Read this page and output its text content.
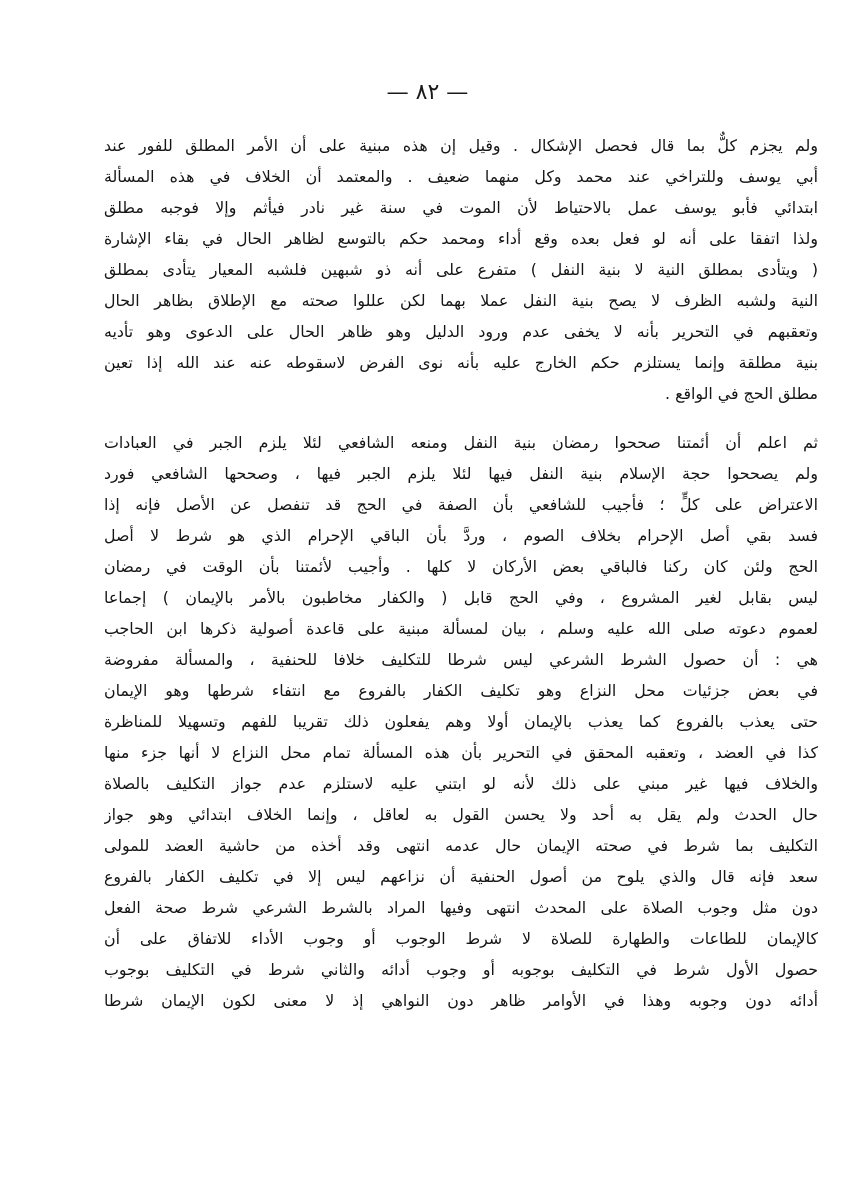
— ٨٢ —

ولم يجزم كلٌّ بما قال فحصل الإشكال . وقيل إن هذه مبنية على أن الأمر المطلق للفور عند
أبي يوسف وللتراخي عند محمد وكل منهما ضعيف . والمعتمد أن الخلاف في هذه المسألة
ابتدائي فأبو يوسف عمل بالاحتياط لأن الموت في سنة غير نادر فيأثم وإلا فوجبه مطلق
ولذا اتفقا على أنه لو فعل بعده وقع أداء ومحمد حكم بالتوسع لظاهر الحال في بقاء الإشارة
( ويتأدى بمطلق النية لا بنية النفل ) متفرع على أنه ذو شبهين فلشبه المعيار يتأدى بمطلق
النية ولشبه الظرف لا يصح بنية النفل عملا بهما لكن عللوا صحته مع الإطلاق بظاهر الحال
وتعقبهم في التحرير بأنه لا يخفى عدم ورود الدليل وهو ظاهر الحال على الدعوى وهو تأديه
بنية مطلقة وإنما يستلزم حكم الخارج عليه بأنه نوى الفرض لاسقوطه عنه عند الله إذا تعين
مطلق الحج في الواقع .

ثم اعلم أن أئمتنا صححوا رمضان بنية النفل ومنعه الشافعي لئلا يلزم الجبر في العبادات
ولم يصححوا حجة الإسلام بنية النفل فيها لئلا يلزم الجبر فيها ، وصححها الشافعي فورد
الاعتراض على كلٍّ ؛ فأجيب للشافعي بأن الصفة في الحج قد تنفصل عن الأصل فإنه إذا
فسد بقي أصل الإحرام بخلاف الصوم ، وردَّ بأن الباقي الإحرام الذي هو شرط لا أصل
الحج ولئن كان ركنا فالباقي بعض الأركان لا كلها . وأجيب لأئمتنا بأن الوقت في رمضان
ليس بقابل لغير المشروع ، وفي الحج قابل ( والكفار مخاطبون بالأمر بالإيمان ) إجماعا
لعموم دعوته صلى الله عليه وسلم ، بيان لمسألة مبنية على قاعدة أصولية ذكرها ابن الحاجب
هي : أن حصول الشرط الشرعي ليس شرطا للتكليف خلافا للحنفية ، والمسألة مفروضة
في بعض جزئيات محل النزاع وهو تكليف الكفار بالفروع مع انتفاء شرطها وهو الإيمان
حتى يعذب بالفروع كما يعذب بالإيمان أولا وهم يفعلون ذلك تقريبا للفهم وتسهيلا للمناظرة
كذا في العضد ، وتعقبه المحقق في التحرير بأن هذه المسألة تمام محل النزاع لا أنها جزء منها
والخلاف فيها غير مبني على ذلك لأنه لو ابتني عليه لاستلزم عدم جواز التكليف بالصلاة
حال الحدث ولم يقل به أحد ولا يحسن القول به لعاقل ، وإنما الخلاف ابتدائي وهو جواز
التكليف بما شرط في صحته الإيمان حال عدمه انتهى وقد أخذه من حاشية العضد للمولى
سعد فإنه قال والذي يلوح من أصول الحنفية أن نزاعهم ليس إلا في تكليف الكفار بالفروع
دون مثل وجوب الصلاة على المحدث انتهى وفيها المراد بالشرط الشرعي شرط صحة الفعل
كالإيمان للطاعات والطهارة للصلاة لا شرط الوجوب أو وجوب الأداء للاتفاق على أن
حصول الأول شرط في التكليف بوجوبه أو وجوب أدائه والثاني شرط في التكليف بوجوب
أدائه دون وجوبه وهذا في الأوامر ظاهر دون النواهي إذ لا معنى لكون الإيمان شرطا
